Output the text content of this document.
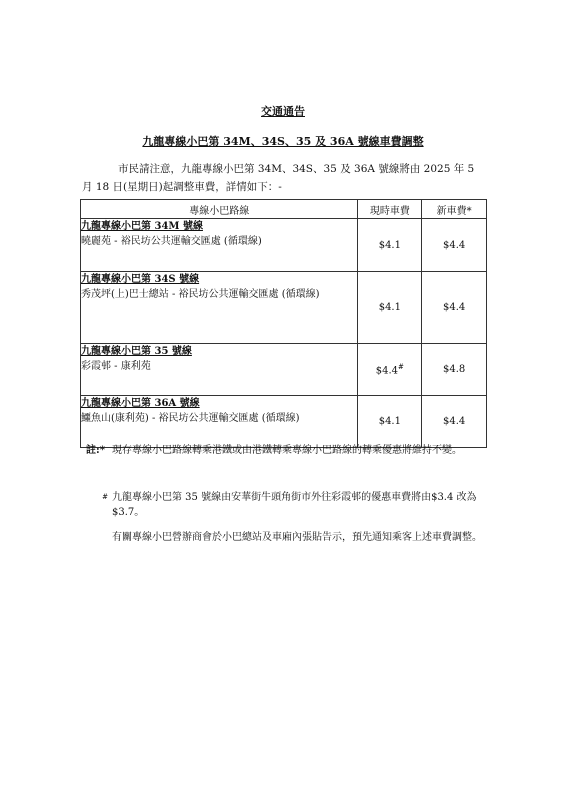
交通通告
九龍專線小巴第 34M、34S、35 及 36A 號線車費調整
市民請注意，九龍專線小巴第 34M、34S、35 及 36A 號線將由 2025 年 5 月 18 日(星期日)起調整車費，詳情如下：-
專線小巴路線	現時車費	新車費*

九龍專線小巴第 34M 號線
曉麗苑 - 裕民坊公共運輸交匯處 (循環線)	$4.1	$4.4

九龍專線小巴第 34S 號線
秀茂坪(上)巴士總站 - 裕民坊公共運輸交匯處 (循環線)	$4.1	$4.4

九龍專線小巴第 35 號線
彩霞邨 - 康利苑	$4.4#	$4.8

九龍專線小巴第 36A 號線
鱷魚山(康利苑) - 裕民坊公共運輸交匯處 (循環線)	$4.1	$4.4
註:* 現存專線小巴路線轉乘港鐵或由港鐵轉乘專線小巴路線的轉乘優惠將維持不變。
# 九龍專線小巴第 35 號線由安華街牛頭角街市外往彩霞邨的優惠車費將由$3.4 改為$3.7。
有關專線小巴營辦商會於小巴總站及車廂內張貼告示，預先通知乘客上述車費調整。
